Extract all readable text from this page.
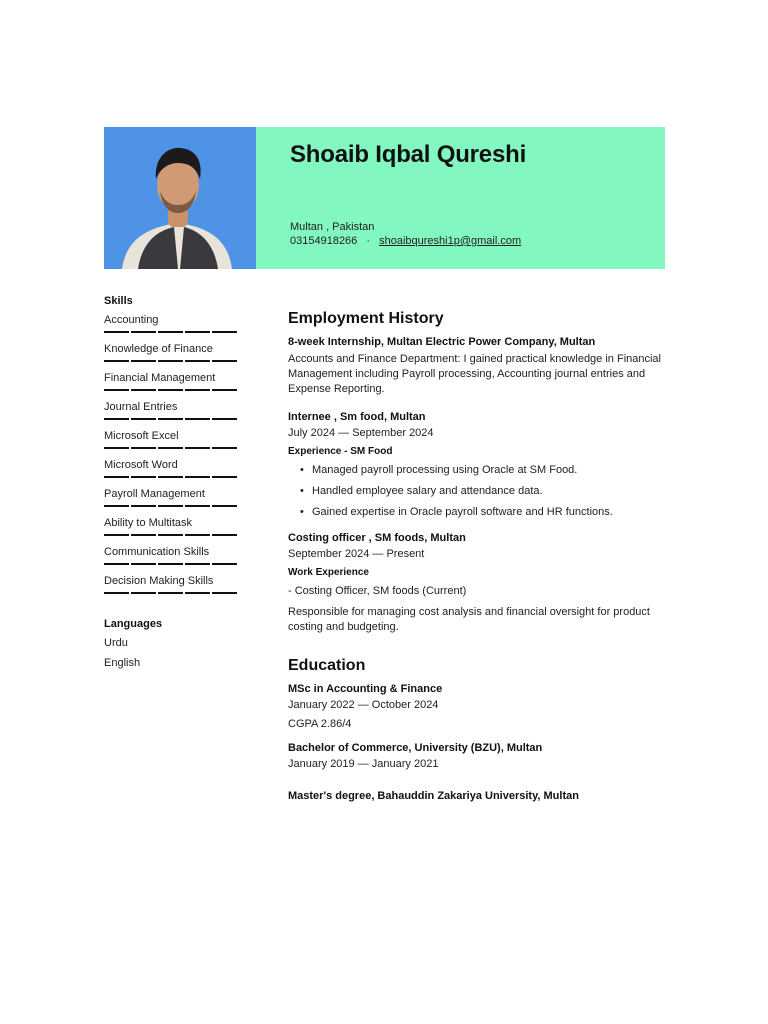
Shoaib Iqbal Qureshi
Multan , Pakistan
03154918266 · shoaibqureshi1p@gmail.com
Skills
Accounting
Knowledge of Finance
Financial Management
Journal Entries
Microsoft Excel
Microsoft Word
Payroll Management
Ability to Multitask
Communication Skills
Decision Making Skills
Languages
Urdu
English
Employment History
8-week Internship, Multan Electric Power Company, Multan
Accounts and Finance Department: I gained practical knowledge in Financial Management including Payroll processing, Accounting journal entries and Expense Reporting.
Internee , Sm food, Multan
July 2024 — September 2024
Experience - SM Food
• Managed payroll processing using Oracle at SM Food.
• Handled employee salary and attendance data.
• Gained expertise in Oracle payroll software and HR functions.
Costing officer , SM foods, Multan
September 2024 — Present
Work Experience
- Costing Officer, SM foods (Current)
Responsible for managing cost analysis and financial oversight for product costing and budgeting.
Education
MSc in Accounting & Finance
January 2022 — October 2024
CGPA 2.86/4
Bachelor of Commerce, University (BZU), Multan
January 2019 — January 2021
Master's degree, Bahauddin Zakariya University, Multan
